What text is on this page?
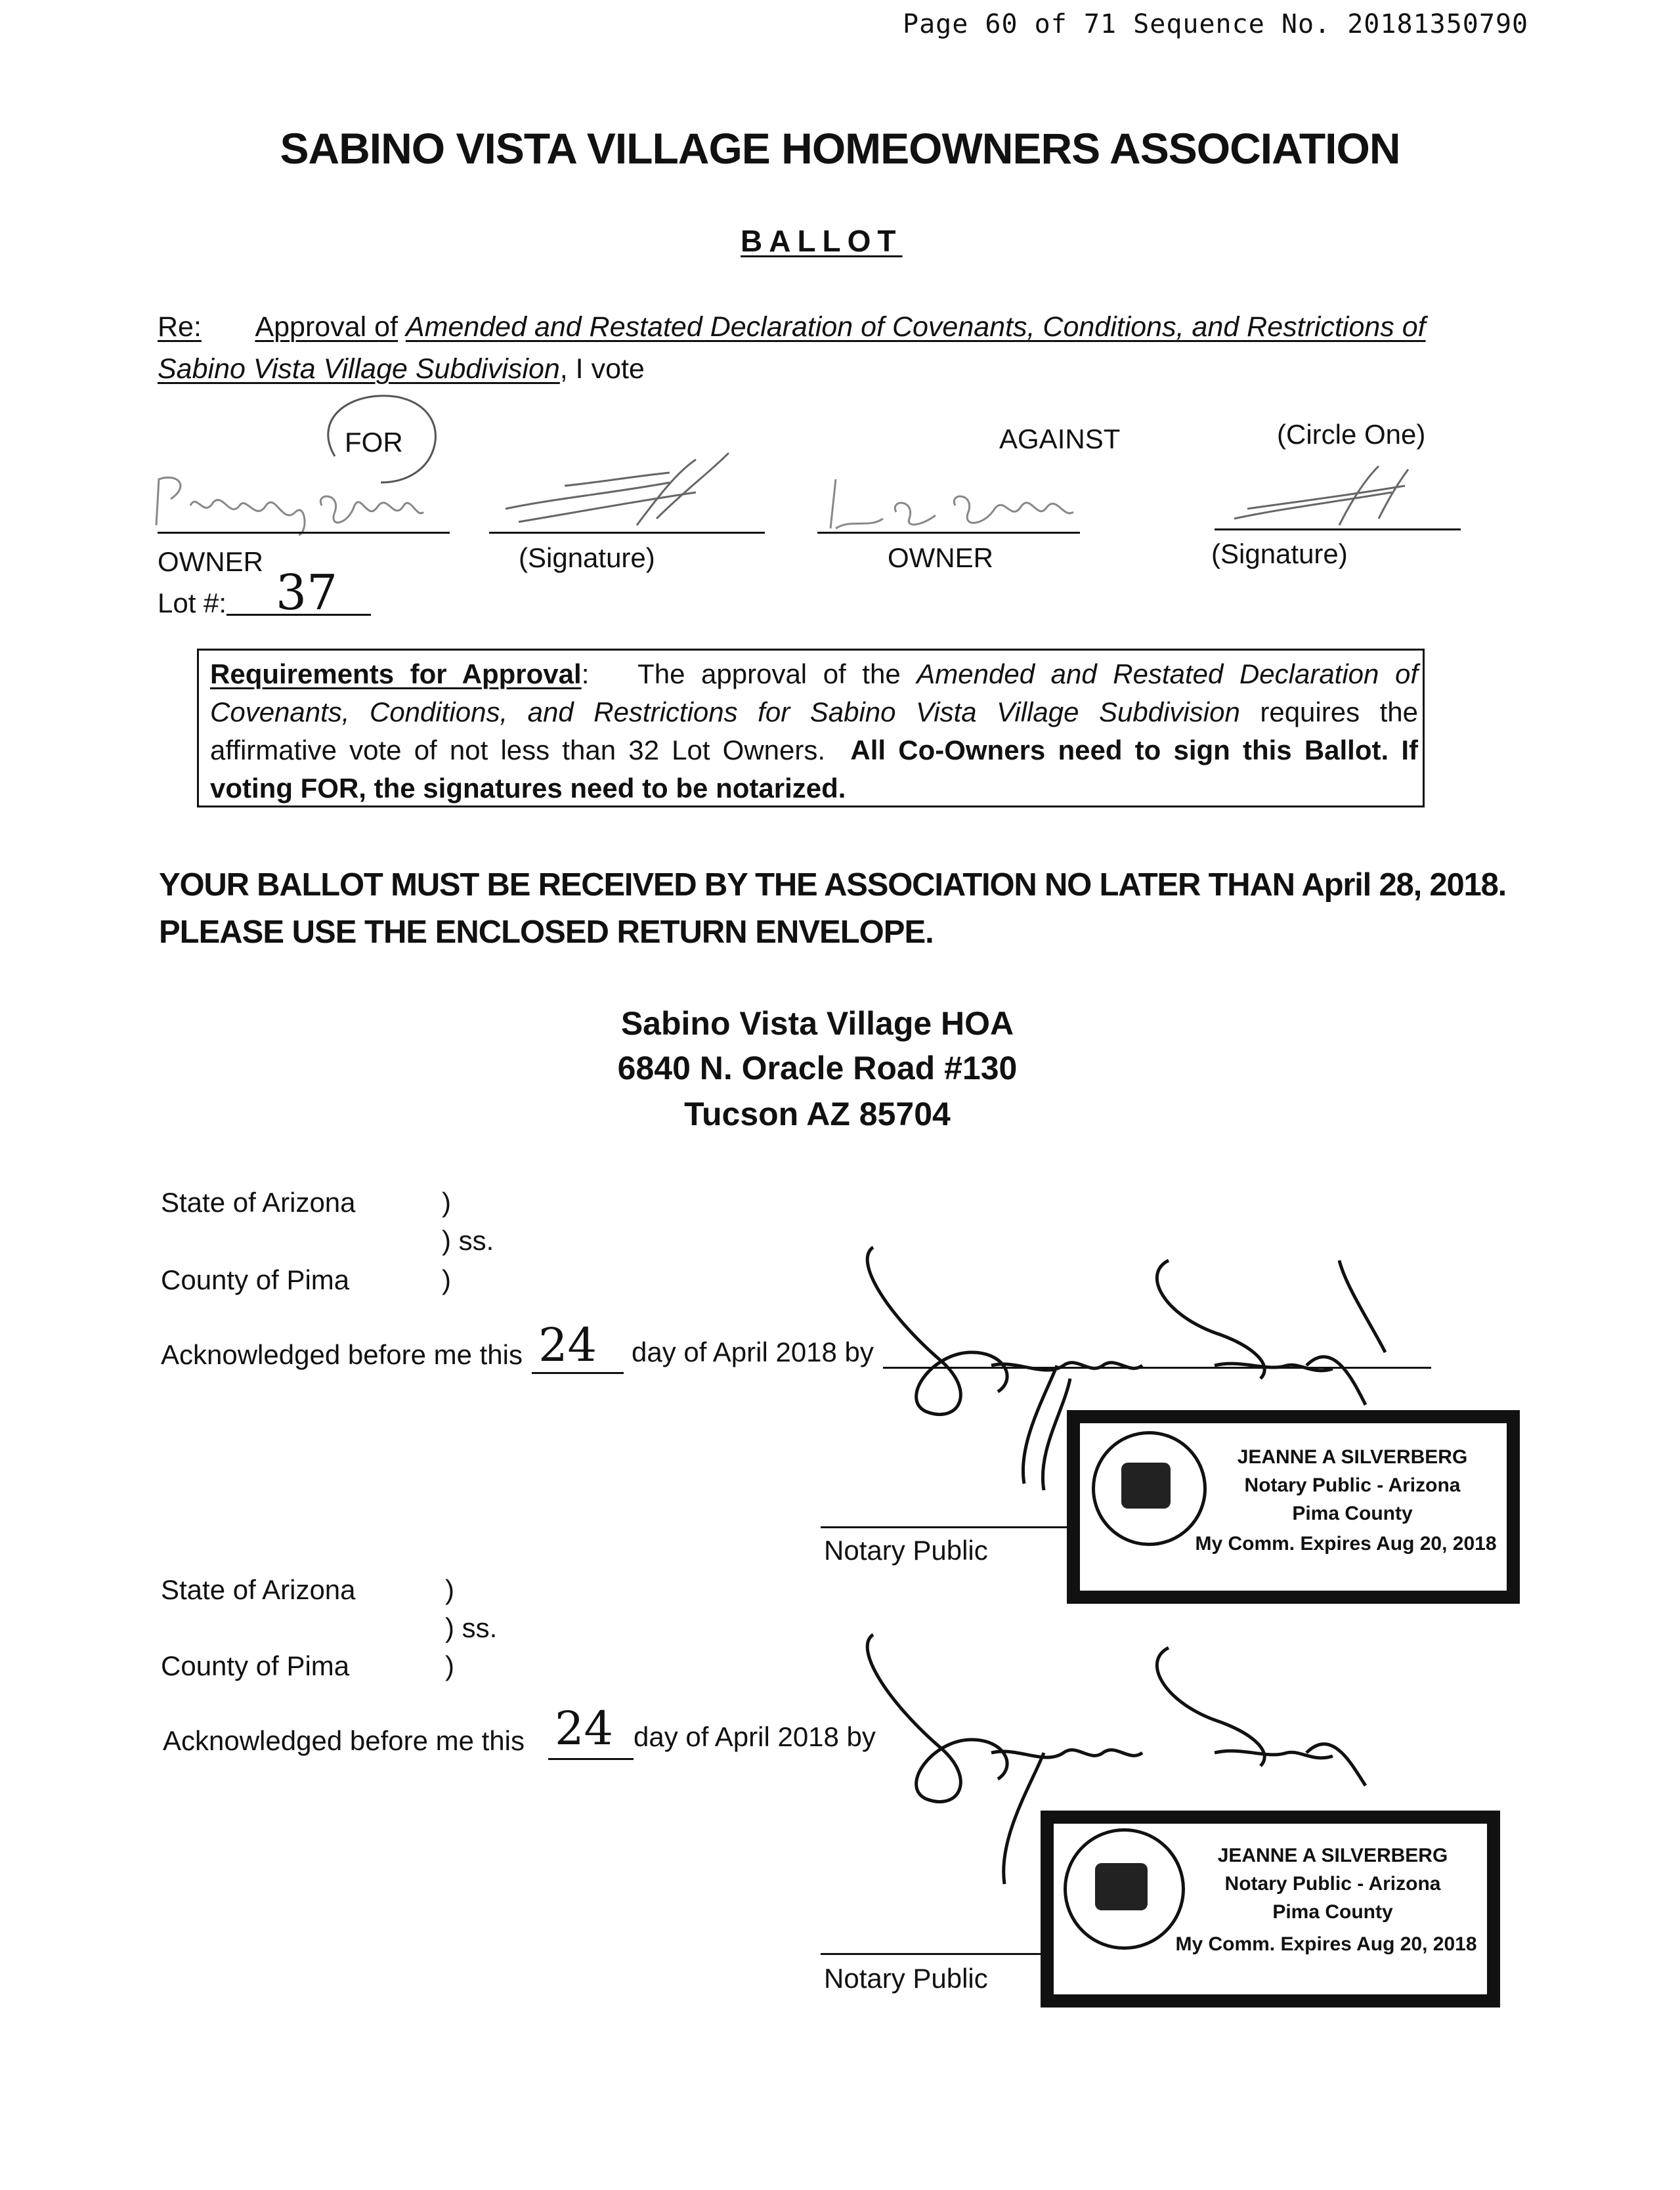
Page 60 of 71 Sequence No. 20181350790
SABINO VISTA VILLAGE HOMEOWNERS ASSOCIATION
BALLOT
Re: Approval of Amended and Restated Declaration of Covenants, Conditions, and Restrictions of
Sabino Vista Village Subdivision, I vote
FOR	AGAINST	(Circle One)
OWNER	(Signature)	OWNER	(Signature)
Lot #: 37
Requirements for Approval: The approval of the Amended and Restated Declaration of Covenants, Conditions, and Restrictions for Sabino Vista Village Subdivision requires the affirmative vote of not less than 32 Lot Owners. All Co-Owners need to sign this Ballot. If voting FOR, the signatures need to be notarized.
YOUR BALLOT MUST BE RECEIVED BY THE ASSOCIATION NO LATER THAN April 28, 2018.
PLEASE USE THE ENCLOSED RETURN ENVELOPE.
Sabino Vista Village HOA
6840 N. Oracle Road #130
Tucson AZ 85704
State of Arizona	)
) ss.
County of Pima	)
Acknowledged before me this 24 day of April 2018 by
Notary Public
JEANNE A SILVERBERG
Notary Public - Arizona
Pima County
My Comm. Expires Aug 20, 2018
State of Arizona	)
) ss.
County of Pima	)
Acknowledged before me this 24 day of April 2018 by
Notary Public
JEANNE A SILVERBERG
Notary Public - Arizona
Pima County
My Comm. Expires Aug 20, 2018
